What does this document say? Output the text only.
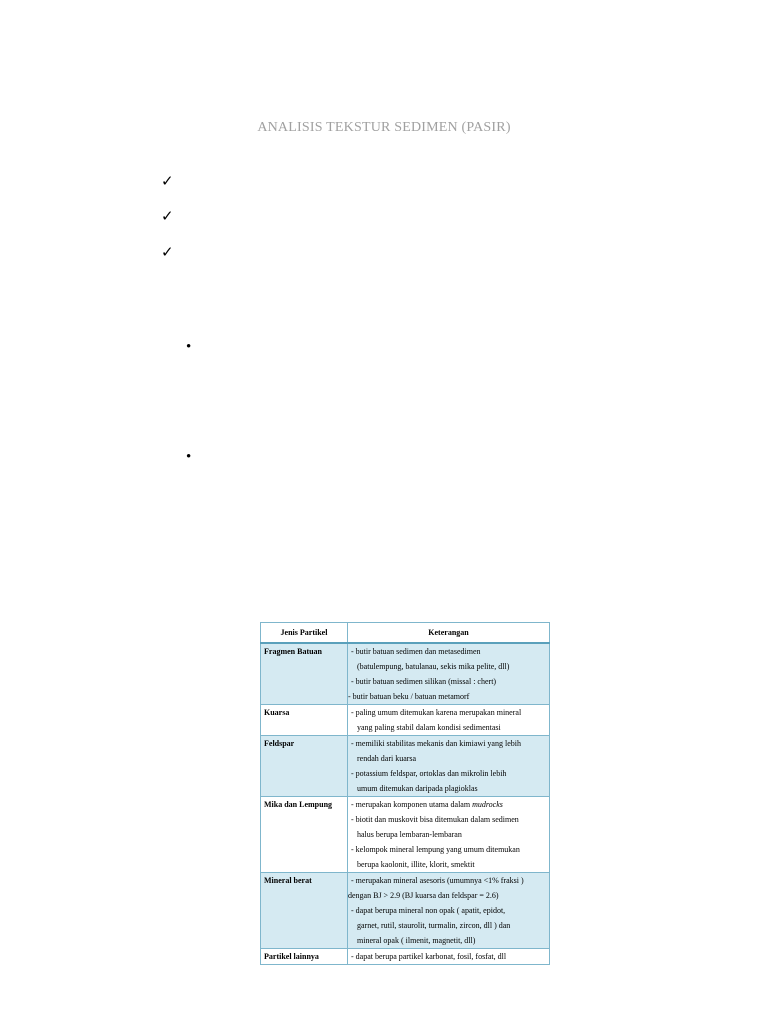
ANALISIS TEKSTUR SEDIMEN (PASIR)
✓
✓
✓
•
•
Jenis Partikel	Keterangan
Fragmen Batuan	- butir batuan sedimen dan metasedimen
(batulempung, batulanau, sekis mika pelite, dll)
- butir batuan sedimen silikan (missal : chert)
- butir batuan beku / batuan metamorf

Kuarsa	- paling umum ditemukan karena merupakan mineral
yang paling stabil dalam kondisi sedimentasi

Feldspar	- memiliki stabilitas mekanis dan kimiawi yang lebih
rendah dari kuarsa
- potassium feldspar, ortoklas dan mikrolin lebih
umum ditemukan daripada plagioklas

Mika dan Lempung	- merupakan komponen utama dalam mudrocks
- biotit dan muskovit bisa ditemukan dalam sedimen
halus berupa lembaran-lembaran
- kelompok mineral lempung yang umum ditemukan
berupa kaolonit, illite, klorit, smektit

Mineral berat	- merupakan mineral asesoris (umumnya <1% fraksi )
dengan BJ > 2.9 (BJ kuarsa dan feldspar = 2.6)
- dapat berupa mineral non opak ( apatit, epidot,
garnet, rutil, staurolit, turmalin, zircon, dll ) dan
mineral opak ( ilmenit, magnetit, dll)

Partikel lainnya	- dapat berupa partikel karbonat, fosil, fosfat, dll
